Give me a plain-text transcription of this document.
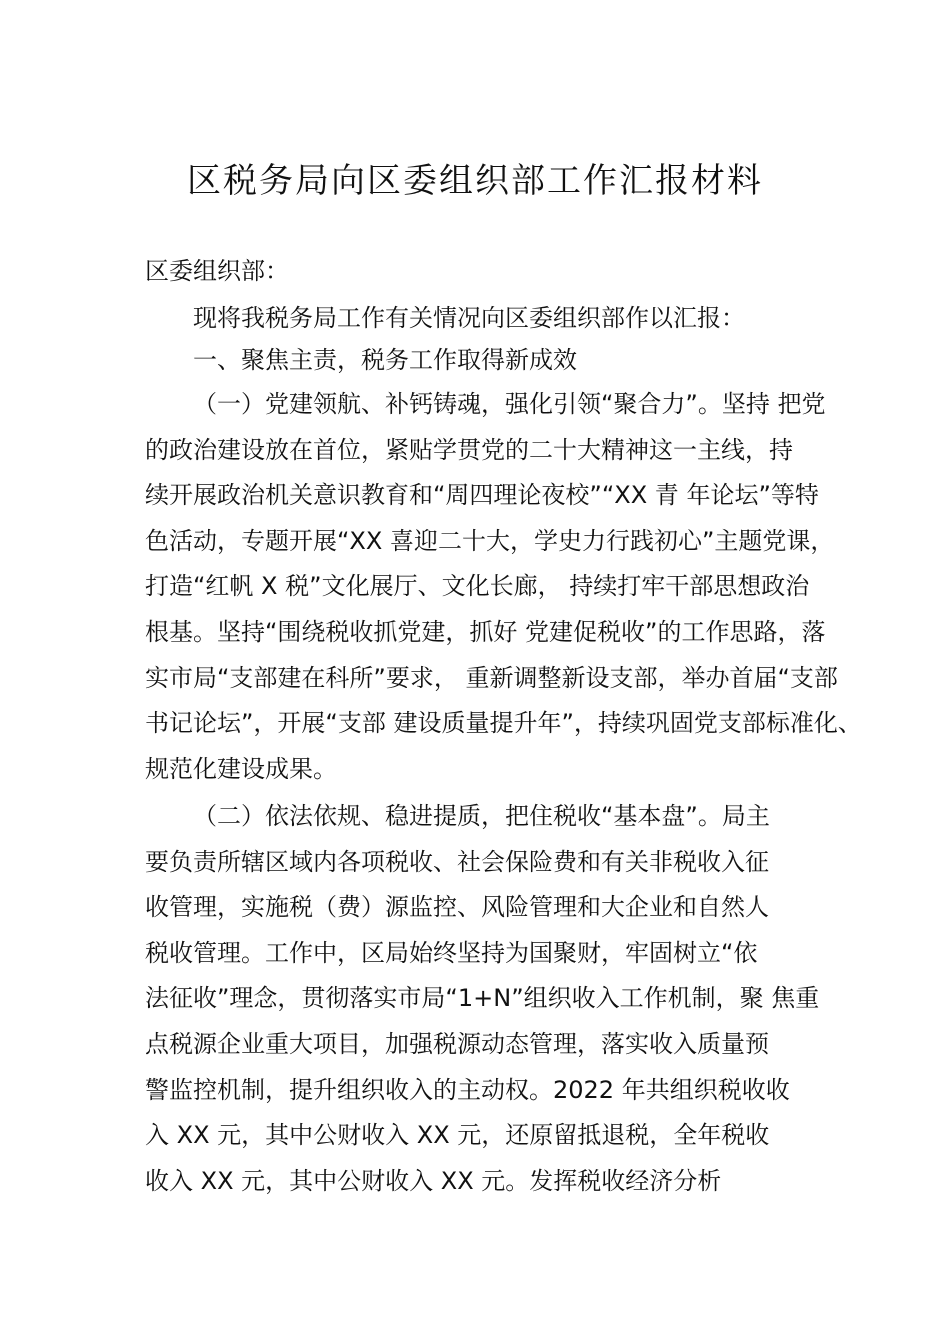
区税务局向区委组织部工作汇报材料
区委组织部：
现将我税务局工作有关情况向区委组织部作以汇报：
一、聚焦主责，税务工作取得新成效
（一）党建领航、补钙铸魂，强化引领“聚合力”。坚持 把党
的政治建设放在首位，紧贴学贯党的二十大精神这一主线，持
续开展政治机关意识教育和“周四理论夜校”“XX 青 年论坛”等特
色活动，专题开展“XX 喜迎二十大，学史力行践初心”主题党课，
打造“红帆 X 税”文化展厅、文化长廊， 持续打牢干部思想政治
根基。坚持“围绕税收抓党建，抓好 党建促税收”的工作思路，落
实市局“支部建在科所”要求， 重新调整新设支部，举办首届“支部
书记论坛”，开展“支部 建设质量提升年”，持续巩固党支部标准化、
规范化建设成果。
（二）依法依规、稳进提质，把住税收“基本盘”。局主
要负责所辖区域内各项税收、社会保险费和有关非税收入征
收管理，实施税（费）源监控、风险管理和大企业和自然人
税收管理。工作中，区局始终坚持为国聚财，牢固树立“依
法征收”理念，贯彻落实市局“1+N”组织收入工作机制，聚 焦重
点税源企业重大项目，加强税源动态管理，落实收入质量预
警监控机制，提升组织收入的主动权。2022 年共组织税收收
入 XX 元，其中公财收入 XX 元，还原留抵退税，全年税收
收入 XX 元，其中公财收入 XX 元。发挥税收经济分析
